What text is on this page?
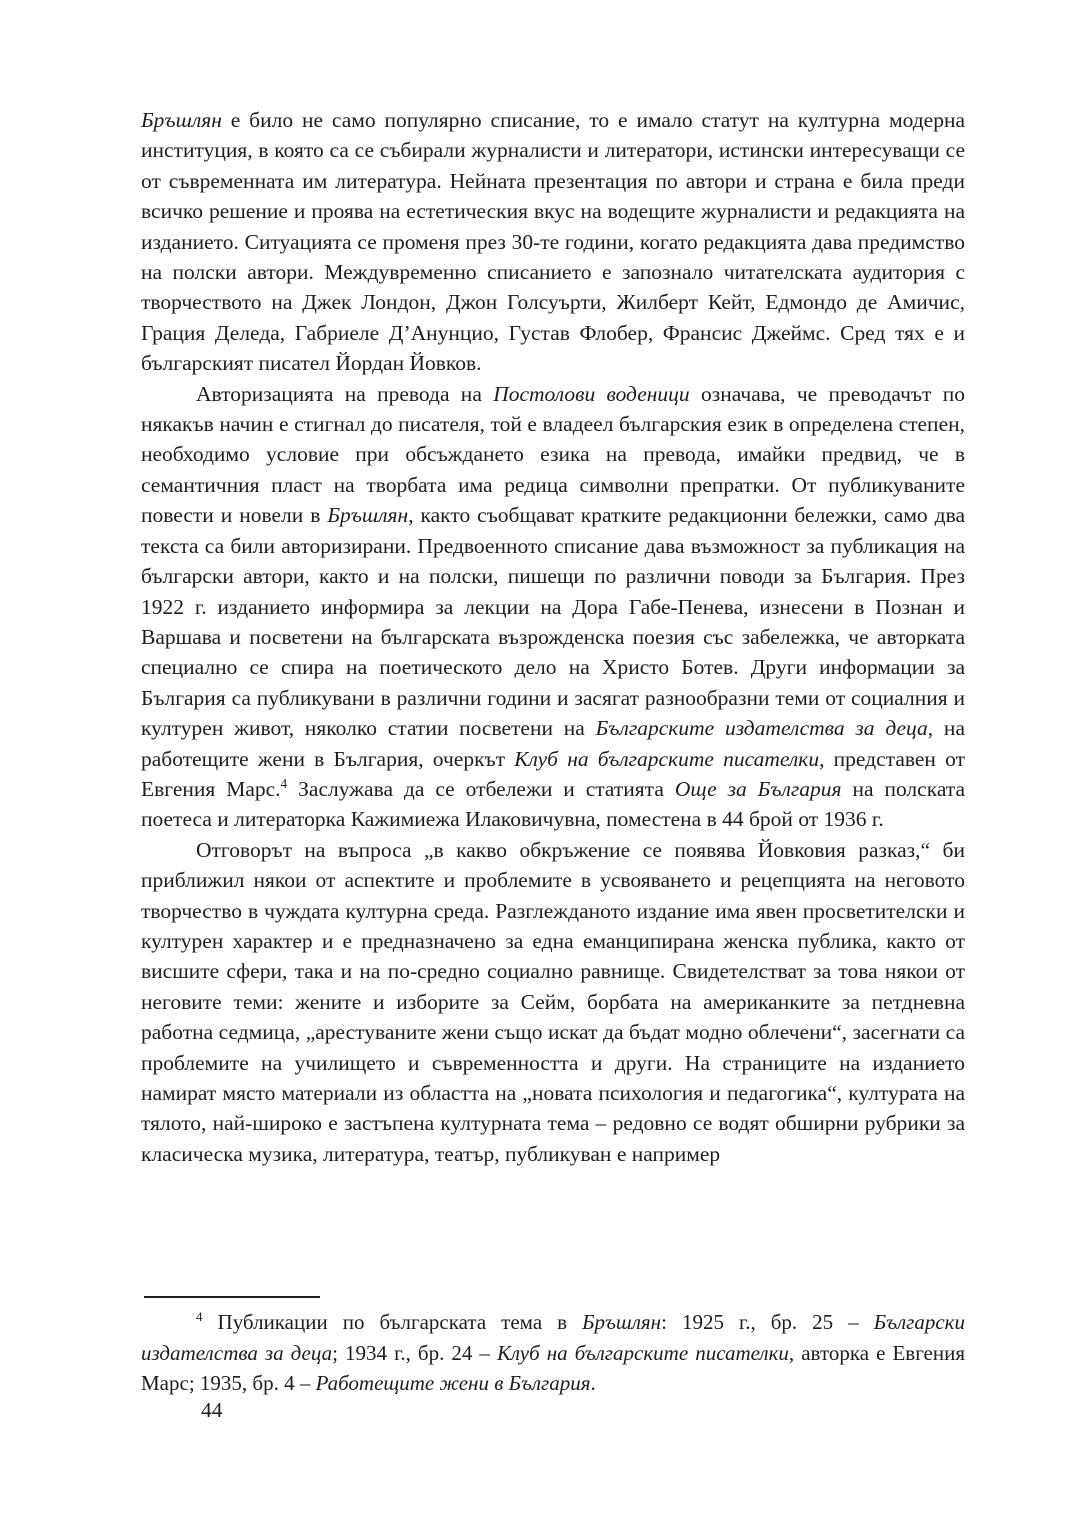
Бръшлян е било не само популярно списание, то е имало статут на културна модерна институция, в която са се събирали журналисти и литератори, истински интересуващи се от съвременната им литература. Нейната презентация по автори и страна е била преди всичко решение и проява на естетическия вкус на водещите журналисти и редакцията на изданието. Ситуацията се променя през 30-те години, когато редакцията дава предимство на полски автори. Междувременно списанието е запознало читателската аудитория с творчеството на Джек Лондон, Джон Голсуърти, Жилберт Кейт, Едмондо де Амичис, Грация Деледа, Габриеле Д’Анунцио, Густав Флобер, Франсис Джеймс. Сред тях е и българският писател Йордан Йовков.

Авторизацията на превода на Постолови воденици означава, че преводачът по някакъв начин е стигнал до писателя, той е владеел българския език в определена степен, необходимо условие при обсъждането езика на превода, имайки предвид, че в семантичния пласт на творбата има редица символни препратки. От публикуваните повести и новели в Бръшлян, както съобщават кратките редакционни бележки, само два текста са били авторизирани. Предвоенното списание дава възможност за публикация на български автори, както и на полски, пишещи по различни поводи за България. През 1922 г. изданието информира за лекции на Дора Габе-Пенева, изнесени в Познан и Варшава и посветени на българската възрожденска поезия със забележка, че авторката специално се спира на поетическото дело на Христо Ботев. Други информации за България са публикувани в различни години и засягат разнообразни теми от социалния и културен живот, няколко статии посветени на Българските издателства за деца, на работещите жени в България, очеркът Клуб на българските писателки, представен от Евгения Марс.$^4$ Заслужава да се отбележи и статията Още за България на полската поетеса и литераторка Кажимиежа Илаковичувна, поместена в 44 брой от 1936 г.

Отговорът на въпроса „в какво обкръжение се появява Йовковия разказ,“ би приближил някои от аспектите и проблемите в усвояването и рецепцията на неговото творчество в чуждата културна среда. Разглежданото издание има явен просветителски и културен характер и е предназначено за една еманципирана женска публика, както от висшите сфери, така и на по-средно социално равнище. Свидетелстват за това някои от неговите теми: жените и изборите за Сейм, борбата на американките за петдневна работна седмица, „арестуваните жени също искат да бъдат модно облечени“, засегнати са проблемите на училището и съвременността и други. На страниците на изданието намират място материали из областта на „новата психология и педагогика“, културата на тялото, най-широко е застъпена културната тема – редовно се водят обширни рубрики за класическа музика, литература, театър, публикуван е например

$^4$ Публикации по българската тема в Бръшлян: 1925 г., бр. 25 – Български издателства за деца; 1934 г., бр. 24 – Клуб на българските писателки, авторка е Евгения Марс; 1935, бр. 4 – Работещите жени в България.

44
